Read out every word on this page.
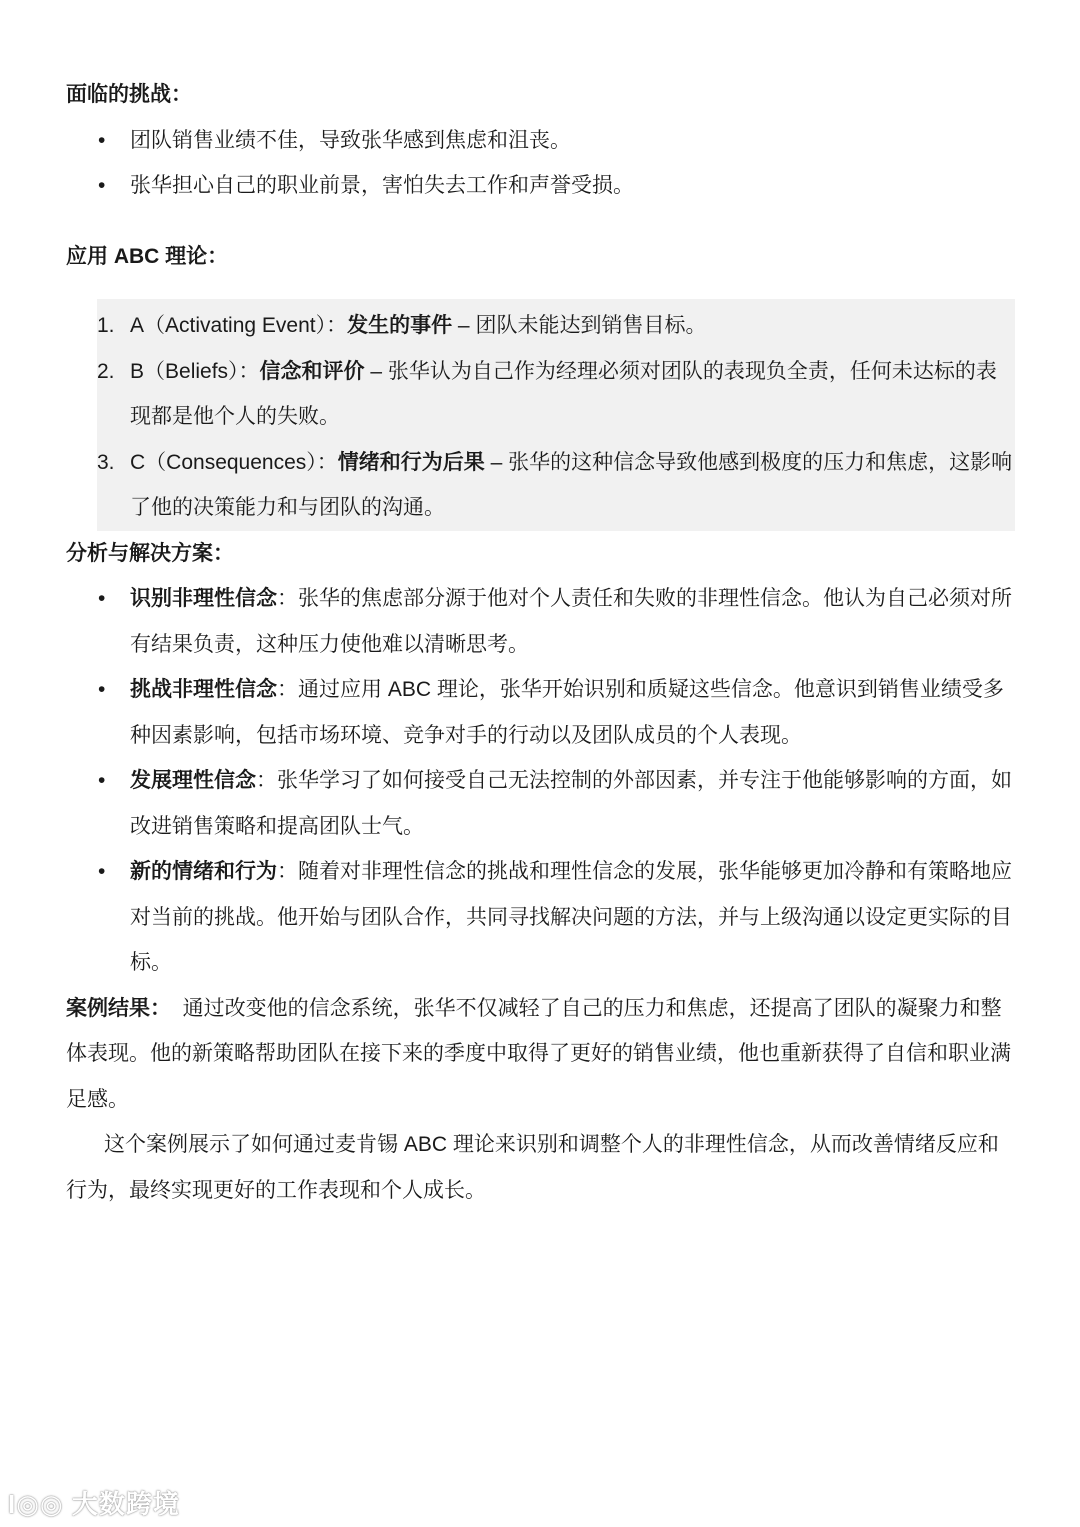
面临的挑战：

• 团队销售业绩不佳，导致张华感到焦虑和沮丧。
• 张华担心自己的职业前景，害怕失去工作和声誉受损。

应用 ABC 理论：

1. A（Activating Event）：发生的事件 – 团队未能达到销售目标。
2. B（Beliefs）：信念和评价 – 张华认为自己作为经理必须对团队的表现负全责，任何未达标的表现都是他个人的失败。
3. C（Consequences）：情绪和行为后果 – 张华的这种信念导致他感到极度的压力和焦虑，这影响了他的决策能力和与团队的沟通。

分析与解决方案：

• 识别非理性信念：张华的焦虑部分源于他对个人责任和失败的非理性信念。他认为自己必须对所有结果负责，这种压力使他难以清晰思考。
• 挑战非理性信念：通过应用 ABC 理论，张华开始识别和质疑这些信念。他意识到销售业绩受多种因素影响，包括市场环境、竞争对手的行动以及团队成员的个人表现。
• 发展理性信念：张华学习了如何接受自己无法控制的外部因素，并专注于他能够影响的方面，如改进销售策略和提高团队士气。
• 新的情绪和行为：随着对非理性信念的挑战和理性信念的发展，张华能够更加冷静和有策略地应对当前的挑战。他开始与团队合作，共同寻找解决问题的方法，并与上级沟通以设定更实际的目标。

案例结果：  通过改变他的信念系统，张华不仅减轻了自己的压力和焦虑，还提高了团队的凝聚力和整体表现。他的新策略帮助团队在接下来的季度中取得了更好的销售业绩，他也重新获得了自信和职业满足感。

这个案例展示了如何通过麦肯锡 ABC 理论来识别和调整个人的非理性信念，从而改善情绪反应和行为，最终实现更好的工作表现和个人成长。

I◎◎ 大数跨境
